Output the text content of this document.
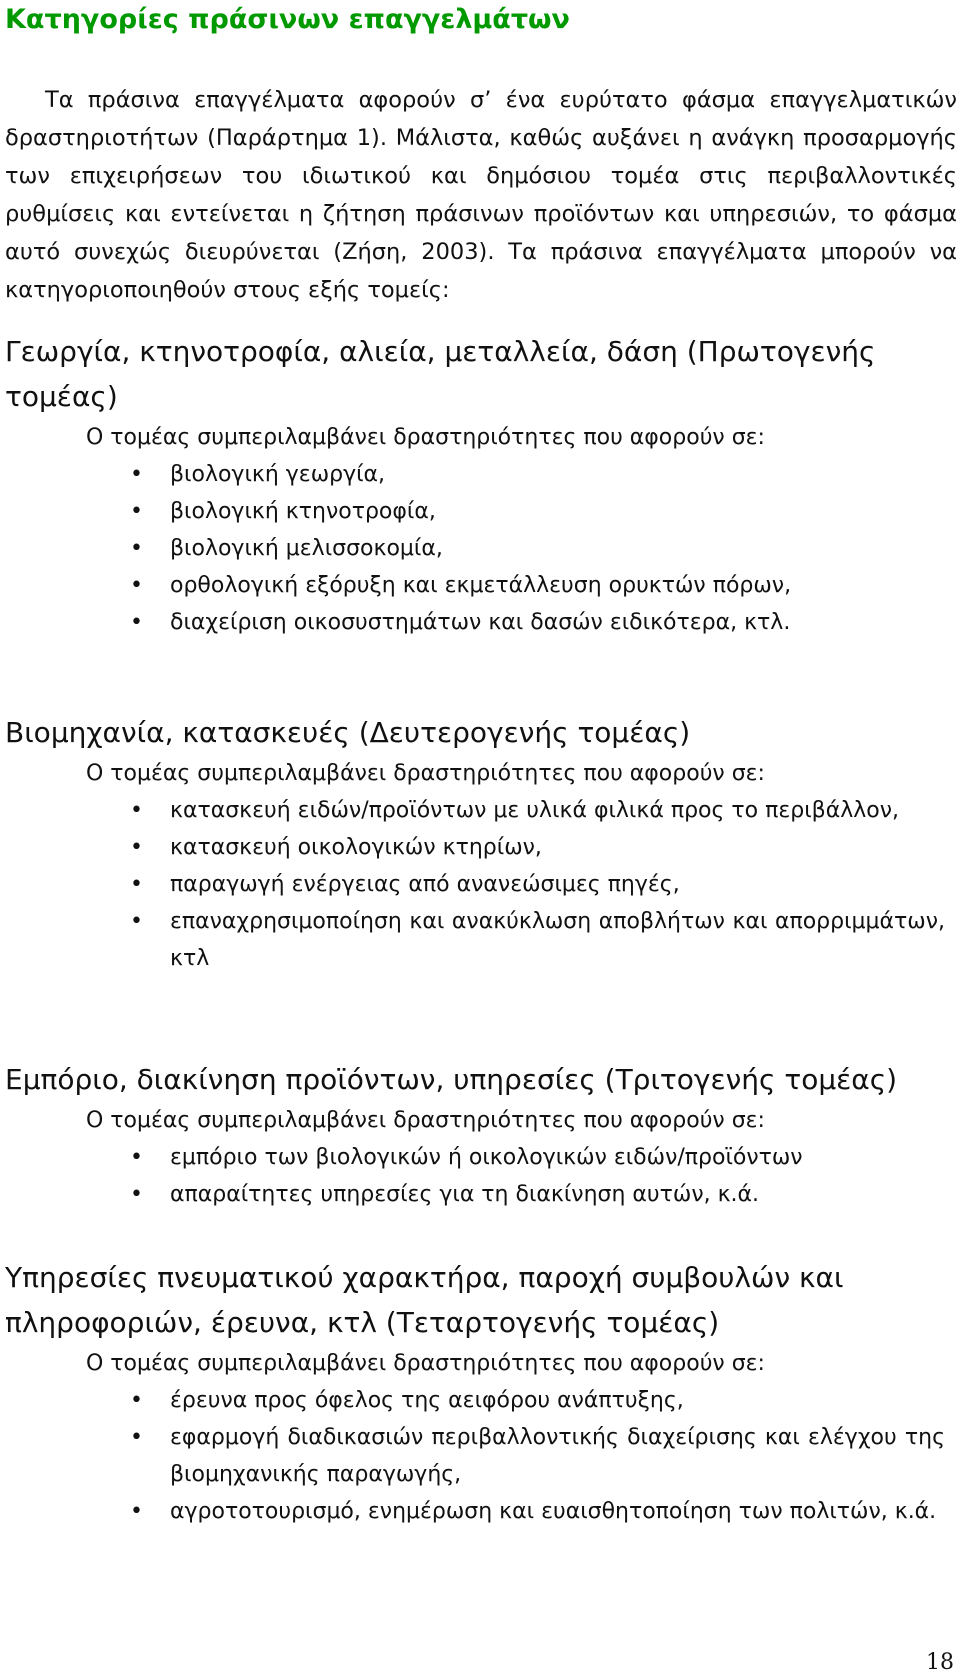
Κατηγορίες πράσινων επαγγελμάτων

Τα πράσινα επαγγέλματα αφορούν σ’ ένα ευρύτατο φάσμα επαγγελματικών δραστηριοτήτων (Παράρτημα 1). Μάλιστα, καθώς αυξάνει η ανάγκη προσαρμογής των επιχειρήσεων του ιδιωτικού και δημόσιου τομέα στις περιβαλλοντικές ρυθμίσεις και εντείνεται η ζήτηση πράσινων προϊόντων και υπηρεσιών, το φάσμα αυτό συνεχώς διευρύνεται (Ζήση, 2003). Τα πράσινα επαγγέλματα μπορούν να κατηγοριοποιηθούν στους εξής τομείς:

Γεωργία, κτηνοτροφία, αλιεία, μεταλλεία, δάση (Πρωτογενής τομέας)

Ο τομέας συμπεριλαμβάνει δραστηριότητες που αφορούν σε:

• βιολογική γεωργία,
• βιολογική κτηνοτροφία,
• βιολογική μελισσοκομία,
• ορθολογική εξόρυξη και εκμετάλλευση ορυκτών πόρων,
• διαχείριση οικοσυστημάτων και δασών ειδικότερα, κτλ.

Βιομηχανία, κατασκευές (Δευτερογενής τομέας)

Ο τομέας συμπεριλαμβάνει δραστηριότητες που αφορούν σε:

• κατασκευή ειδών/προϊόντων με υλικά φιλικά προς το περιβάλλον,
• κατασκευή οικολογικών κτηρίων,
• παραγωγή ενέργειας από ανανεώσιμες πηγές,
• επαναχρησιμοποίηση και ανακύκλωση αποβλήτων και απορριμμάτων, κτλ

Εμπόριο, διακίνηση προϊόντων, υπηρεσίες (Τριτογενής τομέας)

Ο τομέας συμπεριλαμβάνει δραστηριότητες που αφορούν σε:

• εμπόριο των βιολογικών ή οικολογικών ειδών/προϊόντων
• απαραίτητες υπηρεσίες για τη διακίνηση αυτών, κ.ά.

Υπηρεσίες πνευματικού χαρακτήρα, παροχή συμβουλών και πληροφοριών, έρευνα, κτλ (Τεταρτογενής τομέας)

Ο τομέας συμπεριλαμβάνει δραστηριότητες που αφορούν σε:

• έρευνα προς όφελος της αειφόρου ανάπτυξης,
• εφαρμογή διαδικασιών περιβαλλοντικής διαχείρισης και ελέγχου της βιομηχανικής παραγωγής,
• αγροτοτουρισμό, ενημέρωση και ευαισθητοποίηση των πολιτών, κ.ά.
18
